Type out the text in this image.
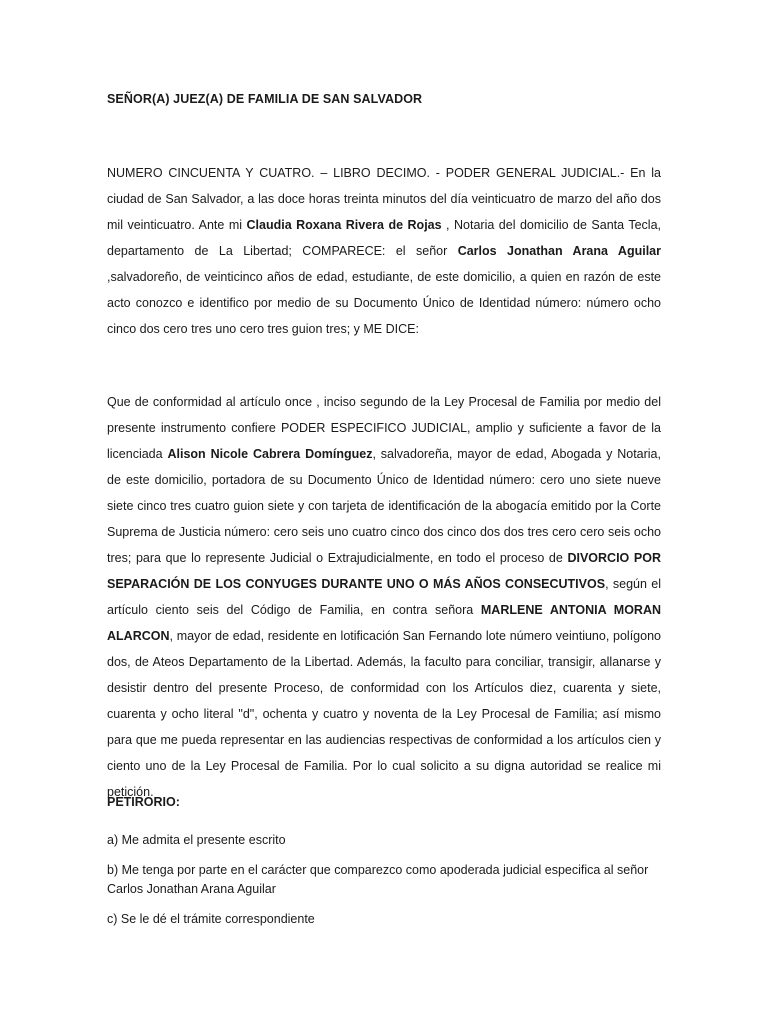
SEÑOR(A) JUEZ(A) DE FAMILIA DE SAN SALVADOR
NUMERO CINCUENTA Y CUATRO. – LIBRO DECIMO. - PODER GENERAL JUDICIAL.- En la ciudad de San Salvador, a las doce horas treinta minutos del día veinticuatro de marzo del año dos mil veinticuatro. Ante mi Claudia Roxana Rivera de Rojas , Notaria del domicilio de Santa Tecla, departamento de La Libertad; COMPARECE: el señor Carlos Jonathan Arana Aguilar ,salvadoreño, de veinticinco años de edad, estudiante, de este domicilio, a quien en razón de este acto conozco e identifico por medio de su Documento Único de Identidad número: número ocho cinco dos cero tres uno cero tres guion tres; y ME DICE:
Que de conformidad al artículo once , inciso segundo de la Ley Procesal de Familia por medio del presente instrumento confiere PODER ESPECIFICO JUDICIAL, amplio y suficiente a favor de la licenciada Alison Nicole Cabrera Domínguez, salvadoreña, mayor de edad, Abogada y Notaria, de este domicilio, portadora de su Documento Único de Identidad número: cero uno siete nueve siete cinco tres cuatro guion siete y con tarjeta de identificación de la abogacía emitido por la Corte Suprema de Justicia número: cero seis uno cuatro cinco dos cinco dos dos tres cero cero seis ocho tres; para que lo represente Judicial o Extrajudicialmente, en todo el proceso de DIVORCIO POR SEPARACIÓN DE LOS CONYUGES DURANTE UNO O MÁS AÑOS CONSECUTIVOS, según el artículo ciento seis del Código de Familia, en contra señora MARLENE ANTONIA MORAN ALARCON, mayor de edad, residente en lotificación San Fernando lote número veintiuno, polígono dos, de Ateos Departamento de la Libertad. Además, la faculto para conciliar, transigir, allanarse y desistir dentro del presente Proceso, de conformidad con los Artículos diez, cuarenta y siete, cuarenta y ocho literal "d", ochenta y cuatro y noventa de la Ley Procesal de Familia; así mismo para que me pueda representar en las audiencias respectivas de conformidad a los artículos cien y ciento uno de la Ley Procesal de Familia. Por lo cual solicito a su digna autoridad se realice mi petición.
PETIRORIO:
a) Me admita el presente escrito
b) Me tenga por parte en el carácter que comparezco como apoderada judicial especifica al señor Carlos Jonathan Arana Aguilar
c) Se le dé el trámite correspondiente
